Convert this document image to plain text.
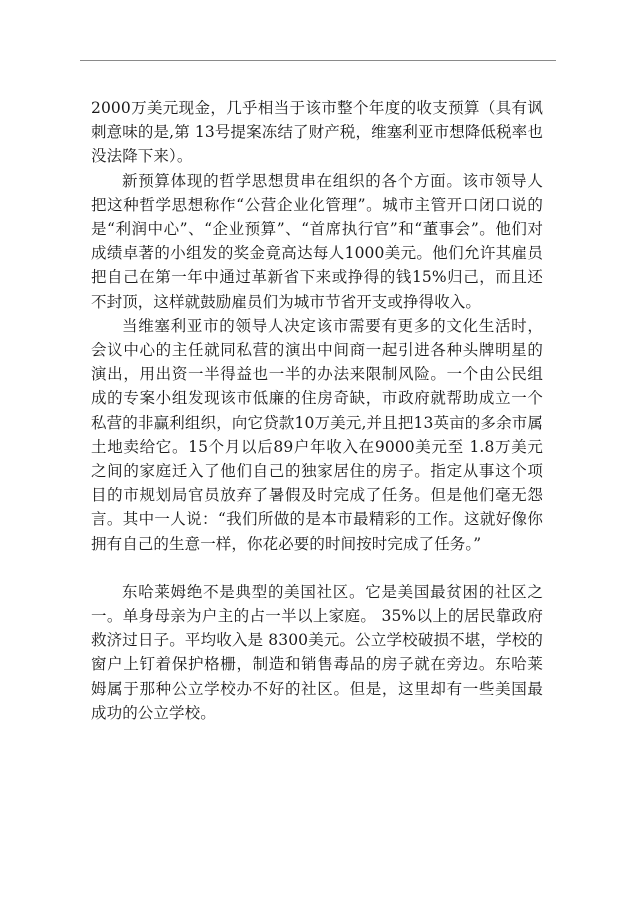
2000万美元现金，几乎相当于该市整个年度的收支预算（具有讽刺意味的是,第 13号提案冻结了财产税，维塞利亚市想降低税率也没法降下来）。

新预算体现的哲学思想贯串在组织的各个方面。该市领导人把这种哲学思想称作“公营企业化管理”。城市主管开口闭口说的是“利润中心”、“企业预算”、“首席执行官”和“董事会”。他们对成绩卓著的小组发的奖金竟高达每人1000美元。他们允许其雇员把自己在第一年中通过革新省下来或挣得的钱15%归己，而且还不封顶，这样就鼓励雇员们为城市节省开支或挣得收入。

当维塞利亚市的领导人决定该市需要有更多的文化生活时，会议中心的主任就同私营的演出中间商一起引进各种头牌明星的演出，用出资一半得益也一半的办法来限制风险。一个由公民组成的专案小组发现该市低廉的住房奇缺，市政府就帮助成立一个私营的非赢利组织，向它贷款10万美元,并且把13英亩的多余市属土地卖给它。15个月以后89户年收入在9000美元至 1.8万美元之间的家庭迁入了他们自己的独家居住的房子。指定从事这个项目的市规划局官员放弃了暑假及时完成了任务。但是他们毫无怨言。其中一人说：“我们所做的是本市最精彩的工作。这就好像你拥有自己的生意一样，你花必要的时间按时完成了任务。”

东哈莱姆绝不是典型的美国社区。它是美国最贫困的社区之一。单身母亲为户主的占一半以上家庭。 35%以上的居民靠政府救济过日子。平均收入是 8300美元。公立学校破损不堪，学校的窗户上钉着保护格栅，制造和销售毒品的房子就在旁边。东哈莱姆属于那种公立学校办不好的社区。但是，这里却有一些美国最成功的公立学校。
